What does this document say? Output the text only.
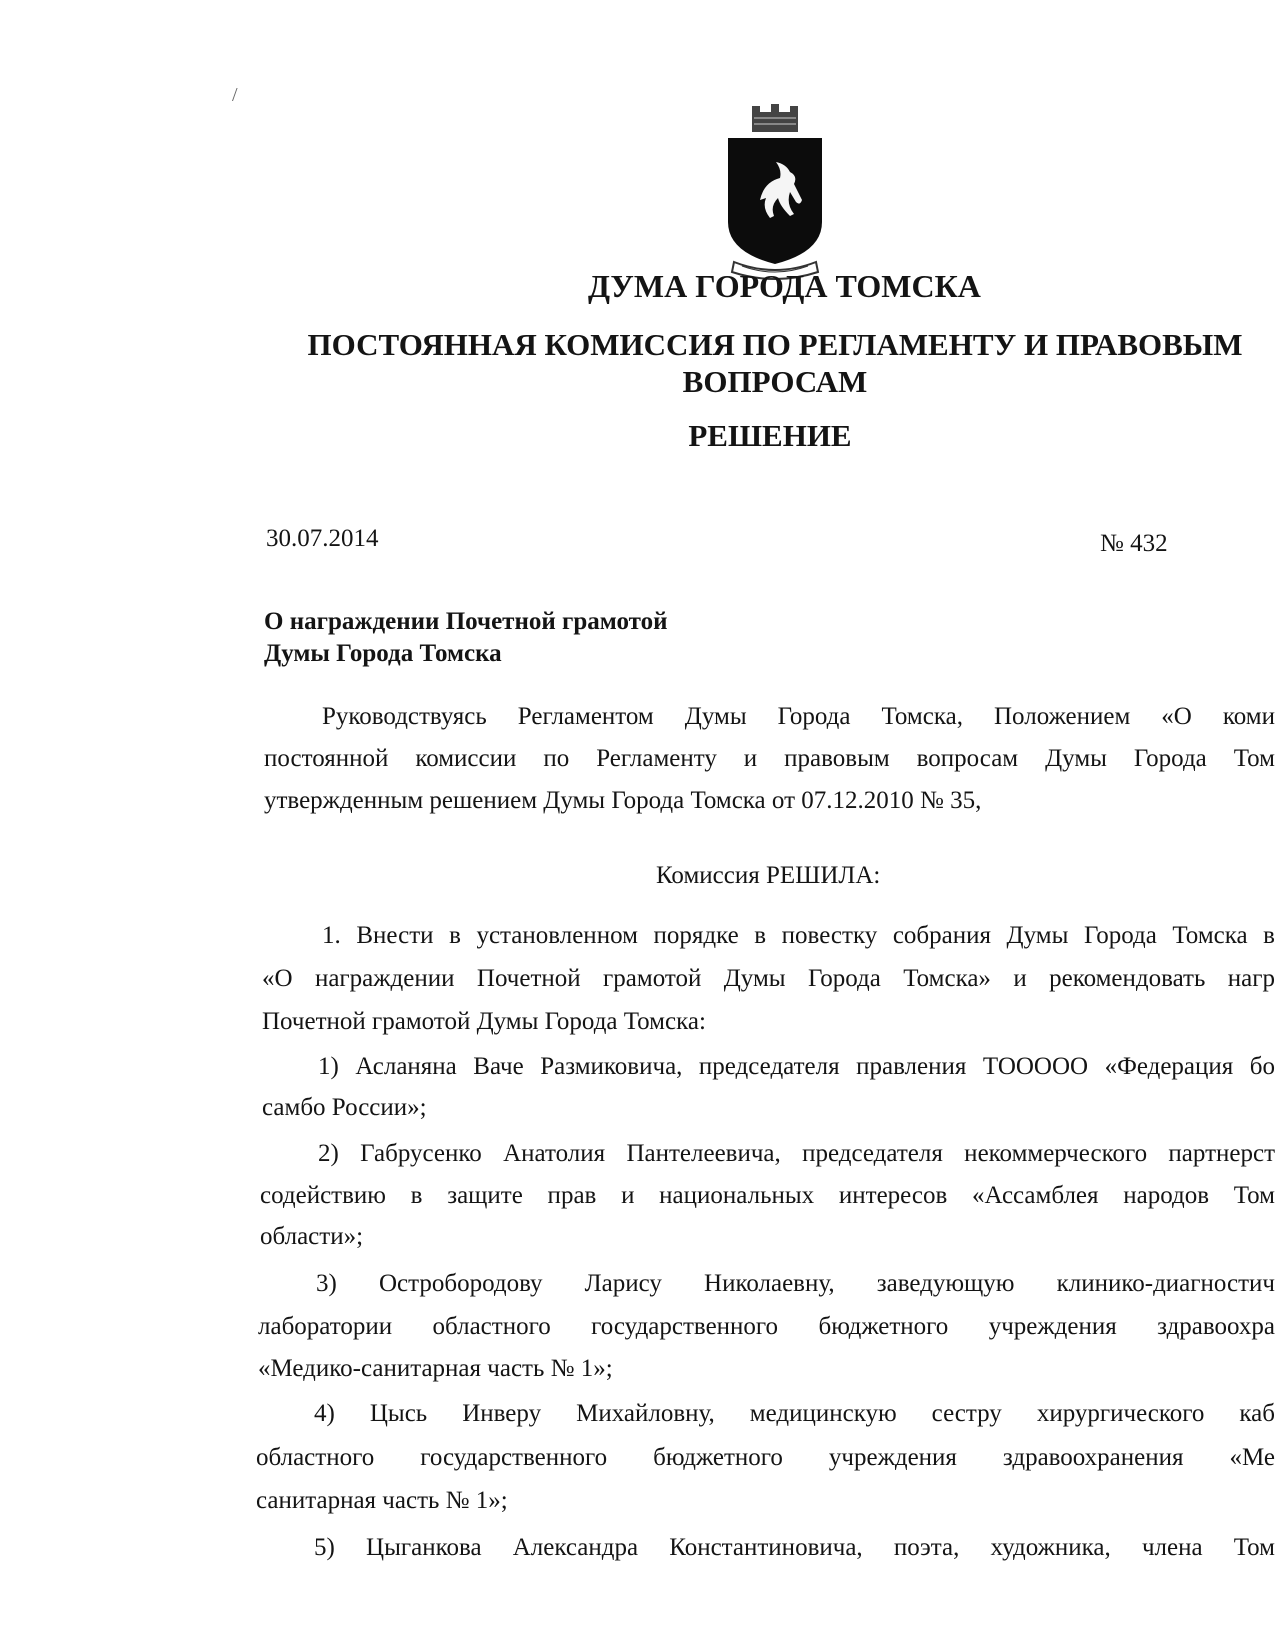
/
ДУМА ГОРОДА ТОМСКА
ПОСТОЯННАЯ КОМИССИЯ ПО РЕГЛАМЕНТУ И ПРАВОВЫМ
ВОПРОСАМ
РЕШЕНИЕ
30.07.2014	№ 432
О награждении Почетной грамотой
Думы Города Томска
Руководствуясь Регламентом Думы Города Томска, Положением «О коми
постоянной комиссии по Регламенту и правовым вопросам Думы Города Том
утвержденным решением Думы Города Томска от 07.12.2010 № 35,
Комиссия РЕШИЛА:
1. Внести в установленном порядке в повестку собрания Думы Города Томска в
«О награждении Почетной грамотой Думы Города Томска» и рекомендовать нагр
Почетной грамотой Думы Города Томска:
1) Асланяна Ваче Размиковича, председателя правления ТООООО «Федерация бо
самбо России»;
2) Габрусенко Анатолия Пантелеевича, председателя некоммерческого партнерст
содействию в защите прав и национальных интересов «Ассамблея народов Том
области»;
3) Остробородову Ларису Николаевну, заведующую клинико-диагностич
лаборатории областного государственного бюджетного учреждения здравоохра
«Медико-санитарная часть № 1»;
4) Цысь Инверу Михайловну, медицинскую сестру хирургического каб
областного государственного бюджетного учреждения здравоохранения «Ме
санитарная часть № 1»;
5) Цыганкова Александра Константиновича, поэта, художника, члена Том
